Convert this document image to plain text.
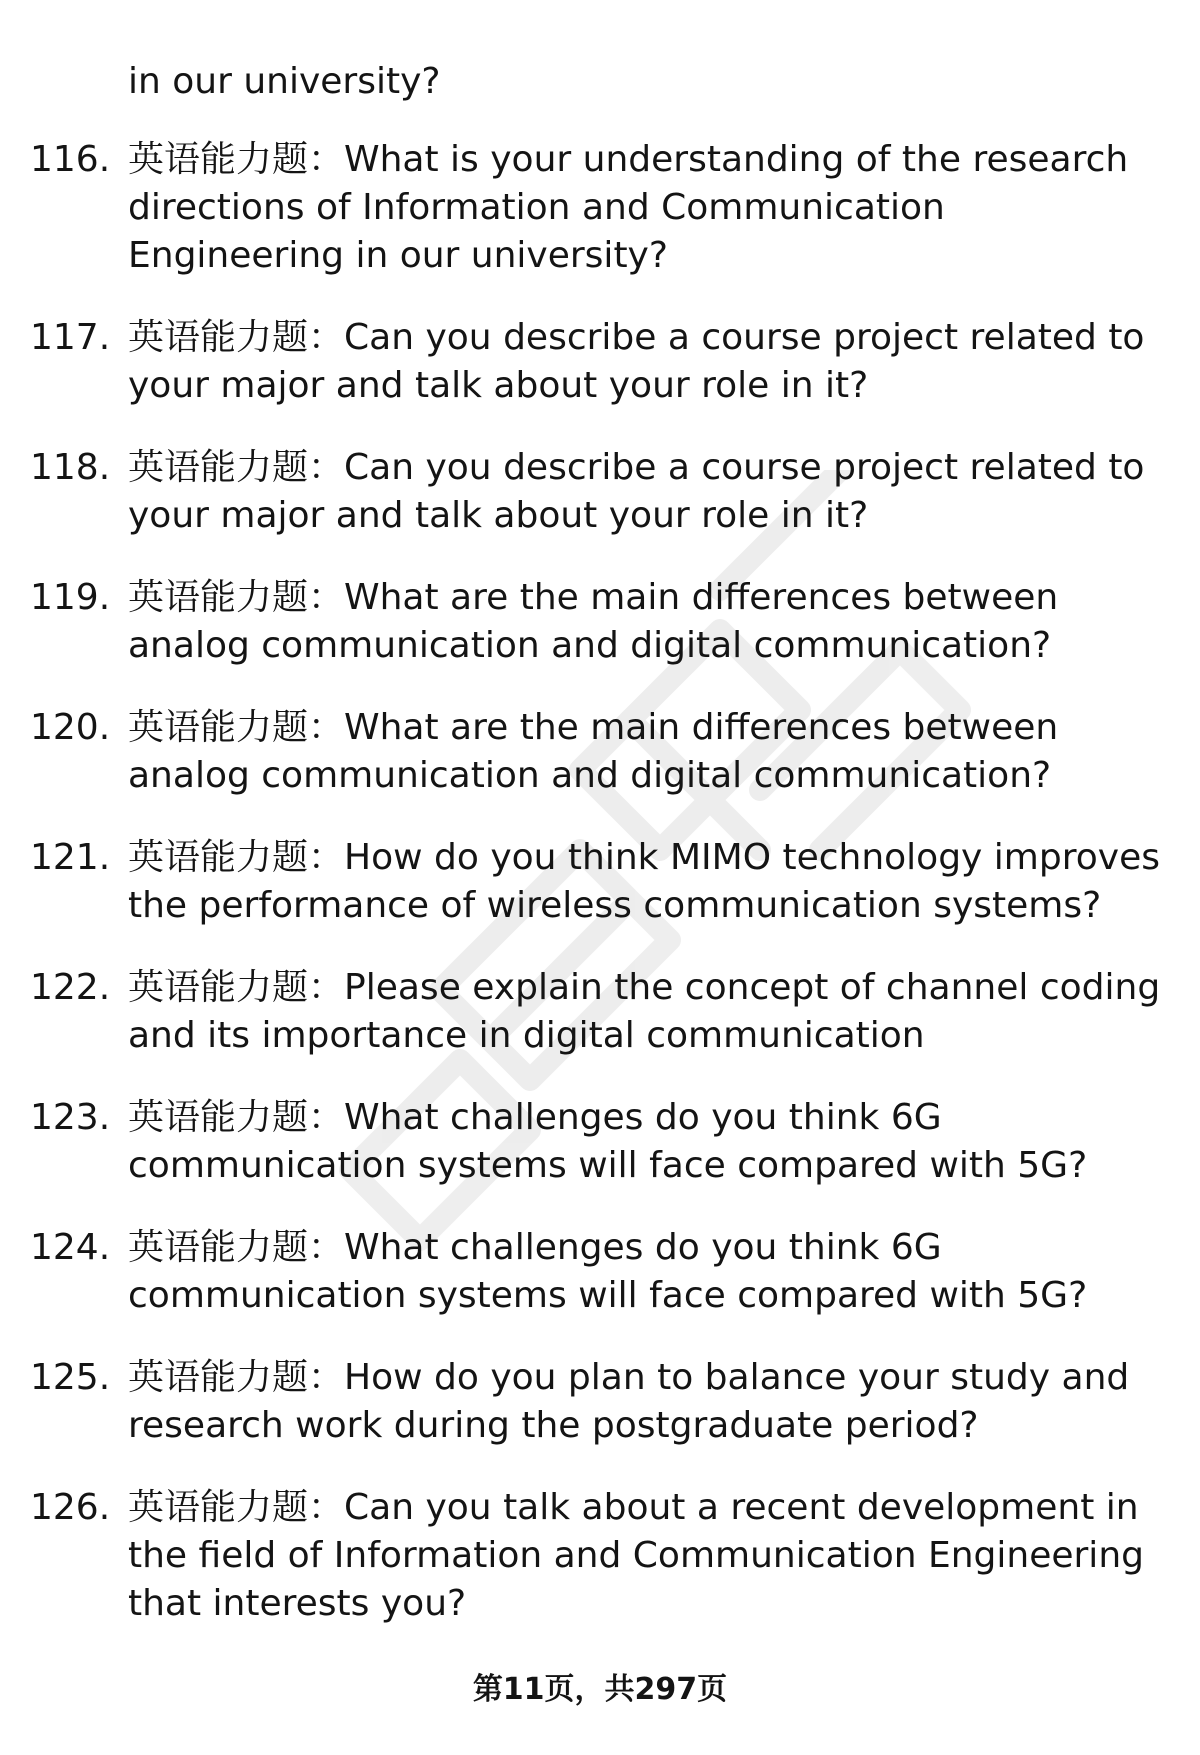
in our university?

116. 英语能力题：What is your understanding of the research directions of Information and Communication Engineering in our university?
117. 英语能力题：Can you describe a course project related to your major and talk about your role in it?
118. 英语能力题：Can you describe a course project related to your major and talk about your role in it?
119. 英语能力题：What are the main differences between analog communication and digital communication?
120. 英语能力题：What are the main differences between analog communication and digital communication?
121. 英语能力题：How do you think MIMO technology improves the performance of wireless communication systems?
122. 英语能力题：Please explain the concept of channel coding and its importance in digital communication
123. 英语能力题：What challenges do you think 6G communication systems will face compared with 5G?
124. 英语能力题：What challenges do you think 6G communication systems will face compared with 5G?
125. 英语能力题：How do you plan to balance your study and research work during the postgraduate period?
126. 英语能力题：Can you talk about a recent development in the field of Information and Communication Engineering that interests you?
第11页，共297页
